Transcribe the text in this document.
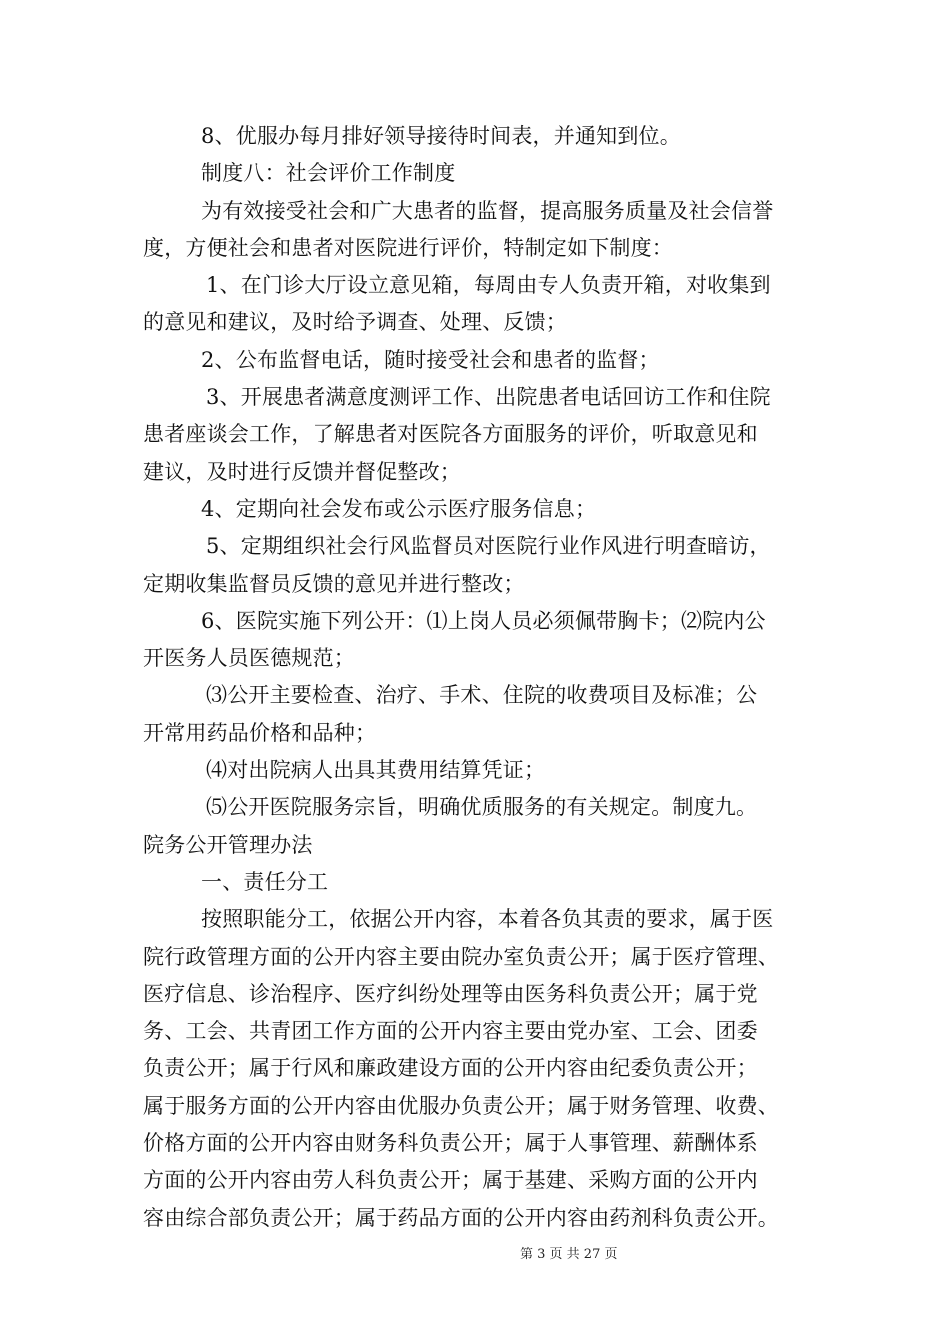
8、优服办每月排好领导接待时间表，并通知到位。
制度八：社会评价工作制度
为有效接受社会和广大患者的监督，提高服务质量及社会信誉
度，方便社会和患者对医院进行评价，特制定如下制度：
1、在门诊大厅设立意见箱，每周由专人负责开箱，对收集到
的意见和建议，及时给予调查、处理、反馈；
2、公布监督电话，随时接受社会和患者的监督；
3、开展患者满意度测评工作、出院患者电话回访工作和住院
患者座谈会工作，了解患者对医院各方面服务的评价，听取意见和
建议，及时进行反馈并督促整改；
4、定期向社会发布或公示医疗服务信息；
5、定期组织社会行风监督员对医院行业作风进行明查暗访，
定期收集监督员反馈的意见并进行整改；
6、医院实施下列公开：⑴上岗人员必须佩带胸卡；⑵院内公
开医务人员医德规范；
⑶公开主要检查、治疗、手术、住院的收费项目及标准；公
开常用药品价格和品种；
⑷对出院病人出具其费用结算凭证；
⑸公开医院服务宗旨，明确优质服务的有关规定。制度九。
院务公开管理办法
一、责任分工
按照职能分工，依据公开内容，本着各负其责的要求，属于医
院行政管理方面的公开内容主要由院办室负责公开；属于医疗管理、
医疗信息、诊治程序、医疗纠纷处理等由医务科负责公开；属于党
务、工会、共青团工作方面的公开内容主要由党办室、工会、团委
负责公开；属于行风和廉政建设方面的公开内容由纪委负责公开；
属于服务方面的公开内容由优服办负责公开；属于财务管理、收费、
价格方面的公开内容由财务科负责公开；属于人事管理、薪酬体系
方面的公开内容由劳人科负责公开；属于基建、采购方面的公开内
容由综合部负责公开；属于药品方面的公开内容由药剂科负责公开。
第 3 页 共 27 页
